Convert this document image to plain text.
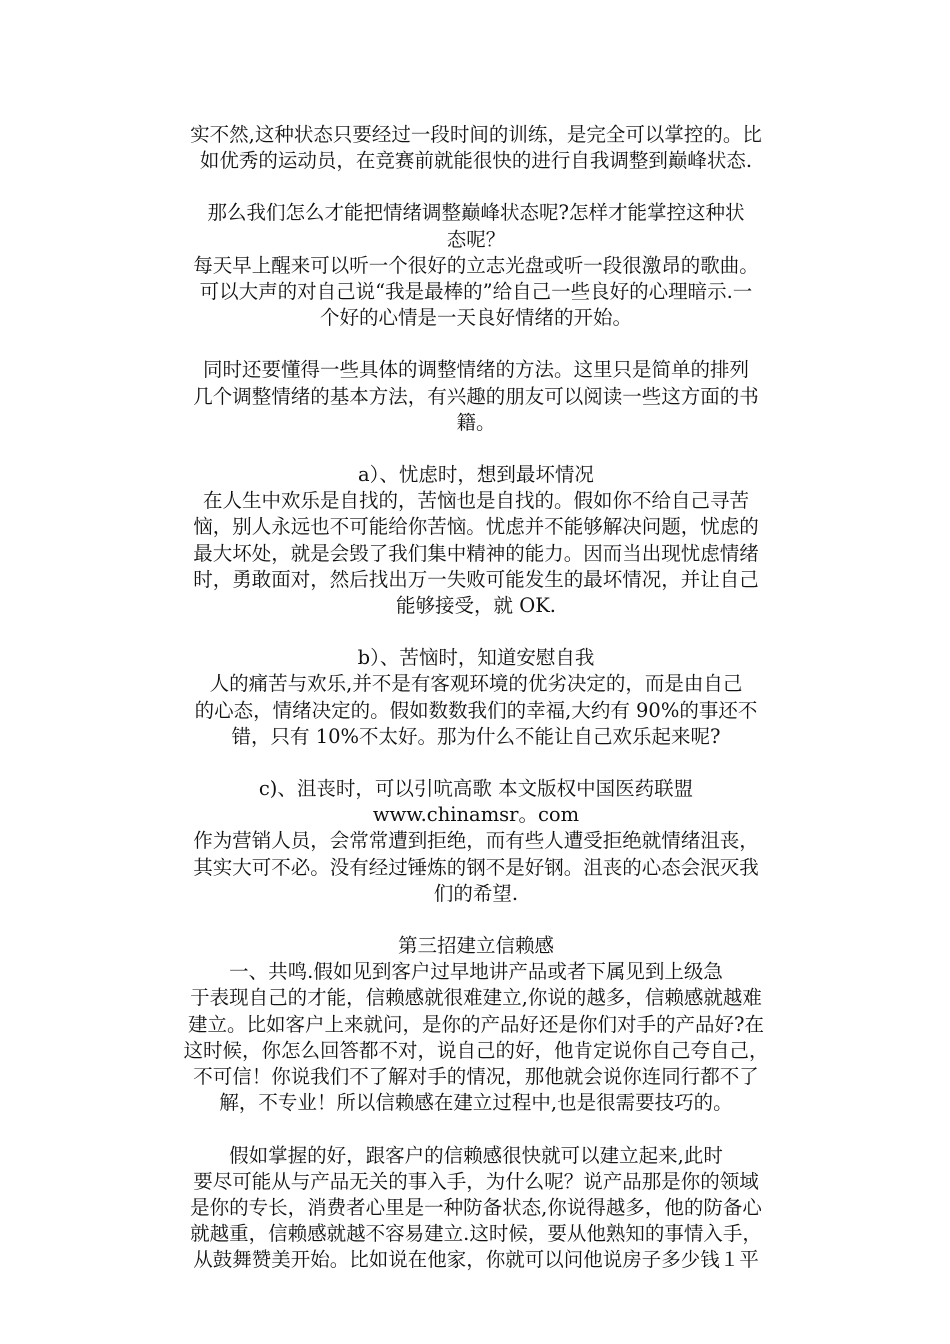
实不然,这种状态只要经过一段时间的训练，是完全可以掌控的。比
如优秀的运动员，在竞赛前就能很快的进行自我调整到巅峰状态.
那么我们怎么才能把情绪调整巅峰状态呢?怎样才能掌控这种状
态呢？
每天早上醒来可以听一个很好的立志光盘或听一段很激昂的歌曲。
可以大声的对自己说“我是最棒的”给自己一些良好的心理暗示.一
个好的心情是一天良好情绪的开始。
同时还要懂得一些具体的调整情绪的方法。这里只是简单的排列
几个调整情绪的基本方法，有兴趣的朋友可以阅读一些这方面的书
籍。
a）、忧虑时，想到最坏情况
在人生中欢乐是自找的，苦恼也是自找的。假如你不给自己寻苦
恼，别人永远也不可能给你苦恼。忧虑并不能够解决问题，忧虑的
最大坏处，就是会毁了我们集中精神的能力。因而当出现忧虑情绪
时，勇敢面对，然后找出万一失败可能发生的最坏情况，并让自己
能够接受，就 OK.
b）、苦恼时，知道安慰自我
人的痛苦与欢乐,并不是有客观环境的优劣决定的，而是由自己
的心态，情绪决定的。假如数数我们的幸福,大约有 90%的事还不
错，只有 10%不太好。那为什么不能让自己欢乐起来呢?
c)、沮丧时，可以引吭高歌 本文版权中国医药联盟
www.chinamsr。com
作为营销人员，会常常遭到拒绝，而有些人遭受拒绝就情绪沮丧，
其实大可不必。没有经过锤炼的钢不是好钢。沮丧的心态会泯灭我
们的希望.
第三招建立信赖感
一、共鸣.假如见到客户过早地讲产品或者下属见到上级急
于表现自己的才能，信赖感就很难建立,你说的越多，信赖感就越难
建立。比如客户上来就问，是你的产品好还是你们对手的产品好?在
这时候，你怎么回答都不对，说自己的好，他肯定说你自己夸自己，
不可信！你说我们不了解对手的情况，那他就会说你连同行都不了
解，不专业！所以信赖感在建立过程中,也是很需要技巧的。
假如掌握的好，跟客户的信赖感很快就可以建立起来,此时
要尽可能从与产品无关的事入手，为什么呢？说产品那是你的领域
是你的专长，消费者心里是一种防备状态,你说得越多，他的防备心
就越重，信赖感就越不容易建立.这时候，要从他熟知的事情入手，
从鼓舞赞美开始。比如说在他家，你就可以问他说房子多少钱１平
